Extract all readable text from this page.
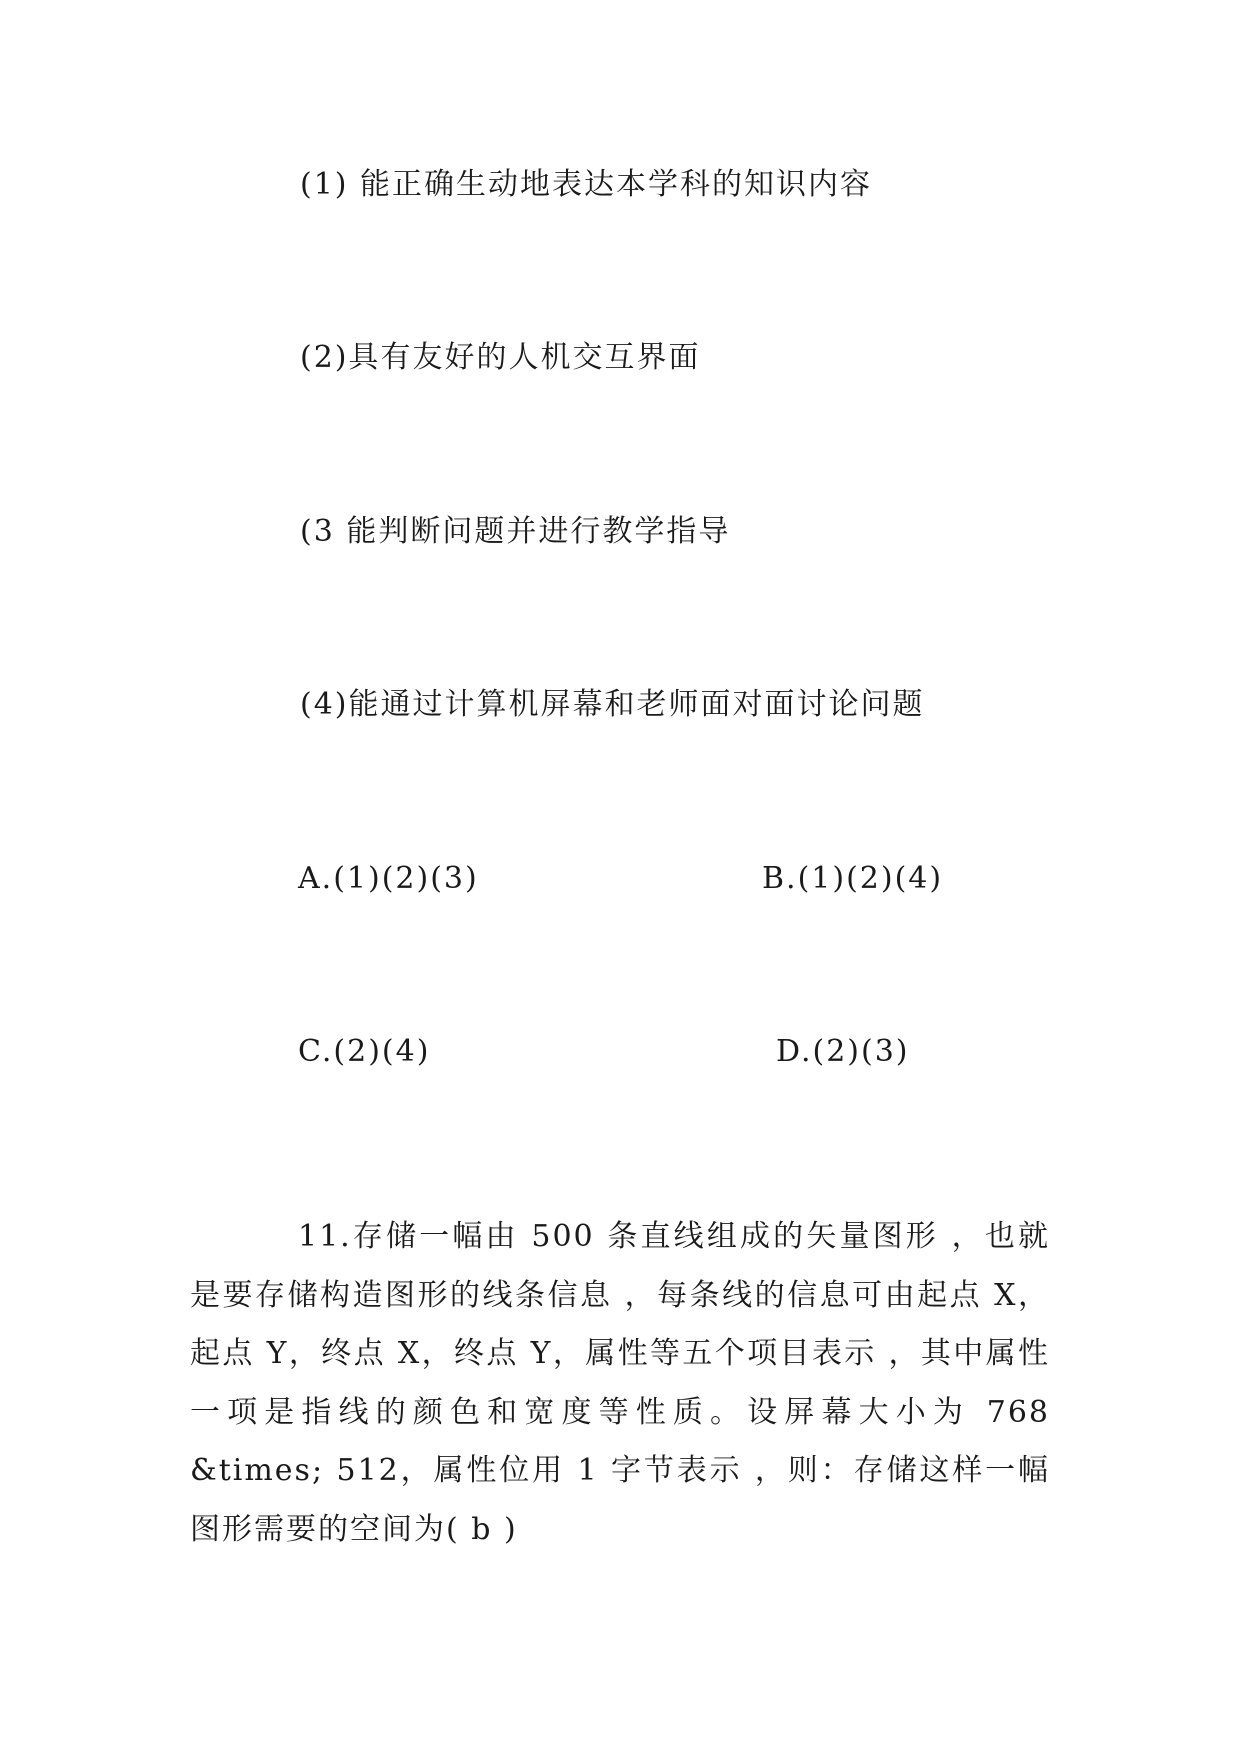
(1) 能正确生动地表达本学科的知识内容
(2)具有友好的人机交互界面
(3 能判断问题并进行教学指导
(4)能通过计算机屏幕和老师面对面讨论问题
A.(1)(2)(3)	B.(1)(2)(4)
C.(2)(4)	D.(2)(3)
11.存储一幅由 500 条直线组成的矢量图形 ，也就是要存储构造图形的线条信息 ，每条线的信息可由起点 X，起点 Y，终点 X，终点 Y，属性等五个项目表示 ，其中属性一项是指线的颜色和宽度等性质。设屏幕大小为 768 &times; 512，属性位用 1 字节表示 ，则：存储这样一幅图形需要的空间为( b )
